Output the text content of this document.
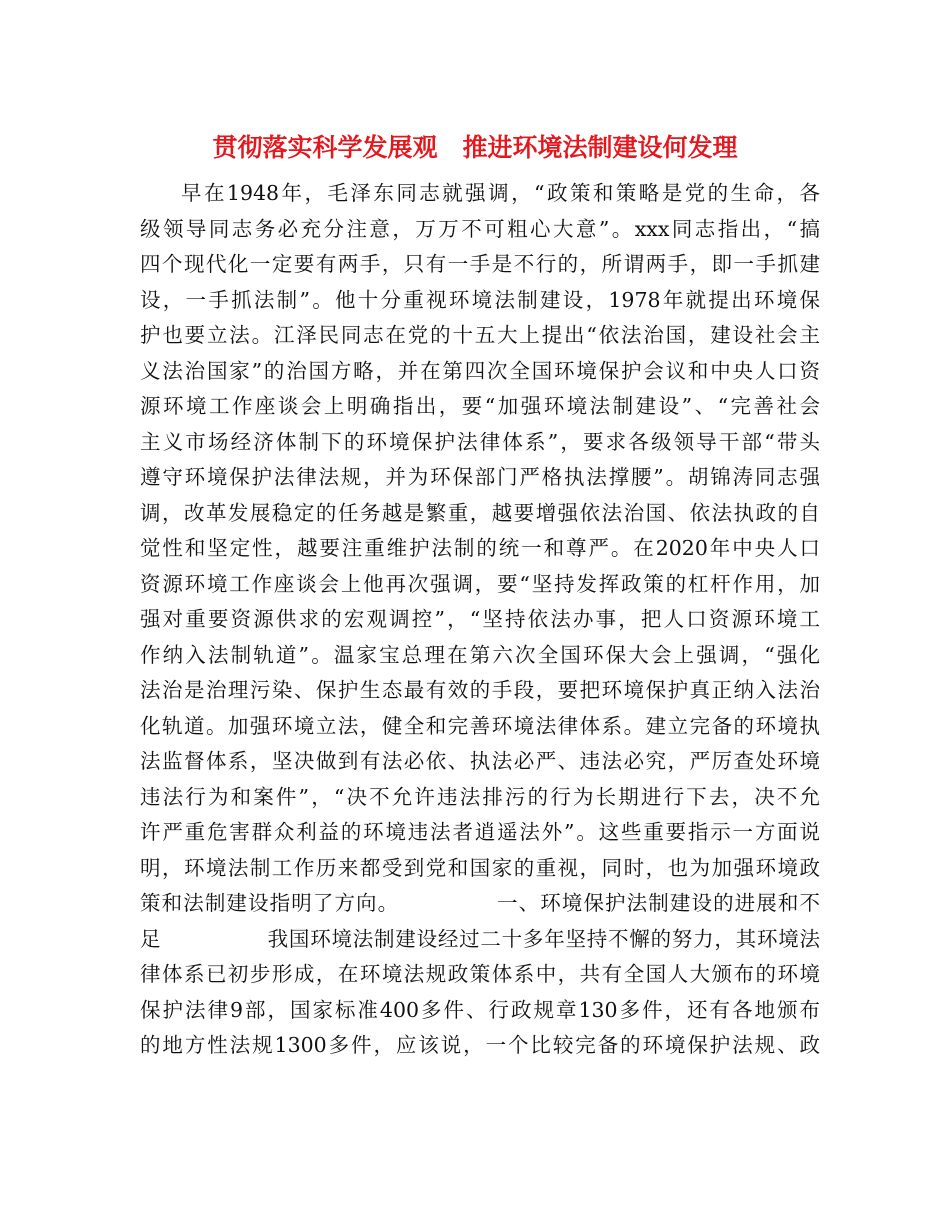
贯彻落实科学发展观　推进环境法制建设何发理
早在1948年，毛泽东同志就强调，“政策和策略是党的生命，各
级领导同志务必充分注意，万万不可粗心大意”。xxx同志指出，“搞
四个现代化一定要有两手，只有一手是不行的，所谓两手，即一手抓建
设，一手抓法制”。他十分重视环境法制建设，1978年就提出环境保
护也要立法。江泽民同志在党的十五大上提出“依法治国，建设社会主
义法治国家”的治国方略，并在第四次全国环境保护会议和中央人口资
源环境工作座谈会上明确指出，要“加强环境法制建设”、“完善社会
主义市场经济体制下的环境保护法律体系”，要求各级领导干部“带头
遵守环境保护法律法规，并为环保部门严格执法撑腰”。胡锦涛同志强
调，改革发展稳定的任务越是繁重，越要增强依法治国、依法执政的自
觉性和坚定性，越要注重维护法制的统一和尊严。在2020年中央人口
资源环境工作座谈会上他再次强调，要“坚持发挥政策的杠杆作用，加
强对重要资源供求的宏观调控”，“坚持依法办事，把人口资源环境工
作纳入法制轨道”。温家宝总理在第六次全国环保大会上强调，“强化
法治是治理污染、保护生态最有效的手段，要把环境保护真正纳入法治
化轨道。加强环境立法，健全和完善环境法律体系。建立完备的环境执
法监督体系，坚决做到有法必依、执法必严、违法必究，严厉查处环境
违法行为和案件”，“决不允许违法排污的行为长期进行下去，决不允
许严重危害群众利益的环境违法者逍遥法外”。这些重要指示一方面说
明，环境法制工作历来都受到党和国家的重视，同时，也为加强环境政
策和法制建设指明了方向。　　　　　一、环境保护法制建设的进展和不
足　　　　　我国环境法制建设经过二十多年坚持不懈的努力，其环境法
律体系已初步形成，在环境法规政策体系中，共有全国人大颁布的环境
保护法律9部，国家标准400多件、行政规章130多件，还有各地颁布
的地方性法规1300多件，应该说，一个比较完备的环境保护法规、政
